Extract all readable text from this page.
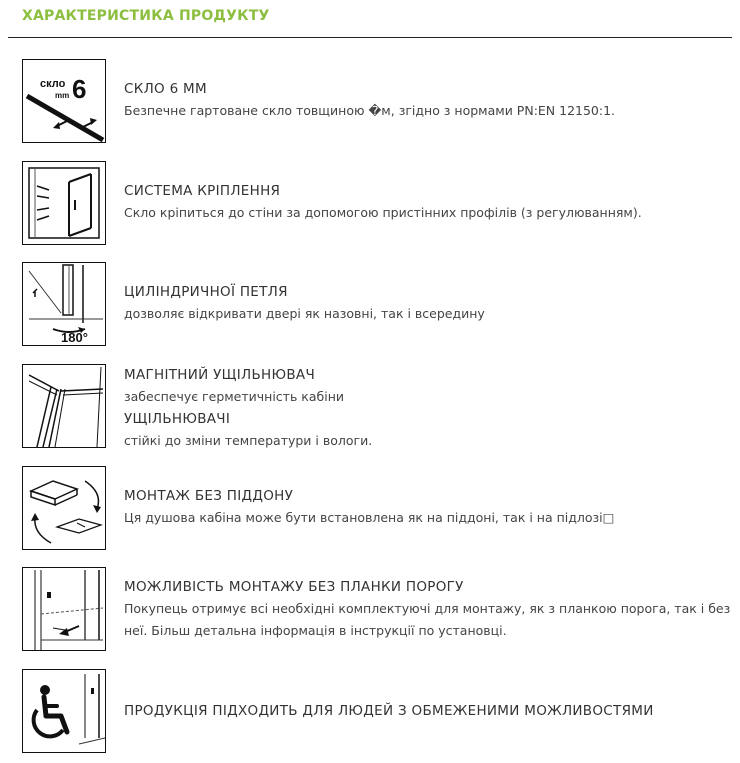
ХАРАКТЕРИСТИКА ПРОДУКТУ
скло
mm 6	СКЛО 6 ММ
Безпечне гартоване скло товщиною �м, згідно з нормами PN:EN 12150:1.
СИСТЕМА КРІПЛЕННЯ
Скло кріпиться до стіни за допомогою пристінних профілів (з регулюванням).
180°
ЦИЛІНДРИЧНОЇ ПЕТЛЯ
дозволяє відкривати двері як назовні, так і всередину
МАГНІТНИЙ УЩІЛЬНЮВАЧ
забеспечує герметичність кабіни
УЩІЛЬНЮВАЧІ
стійкі до зміни температури і вологи.
МОНТАЖ БЕЗ ПІДДОНУ
Ця душова кабіна може бути встановлена як на піддоні, так і на підлозі□
МОЖЛИВІСТЬ МОНТАЖУ БЕЗ ПЛАНКИ ПОРОГУ
Покупець отримує всі необхідні комплектуючі для монтажу, як з планкою порога, так і без неї. Більш детальна інформація в інструкції по установці.
ПРОДУКЦІЯ ПІДХОДИТЬ ДЛЯ ЛЮДЕЙ З ОБМЕЖЕНИМИ МОЖЛИВОСТЯМИ
